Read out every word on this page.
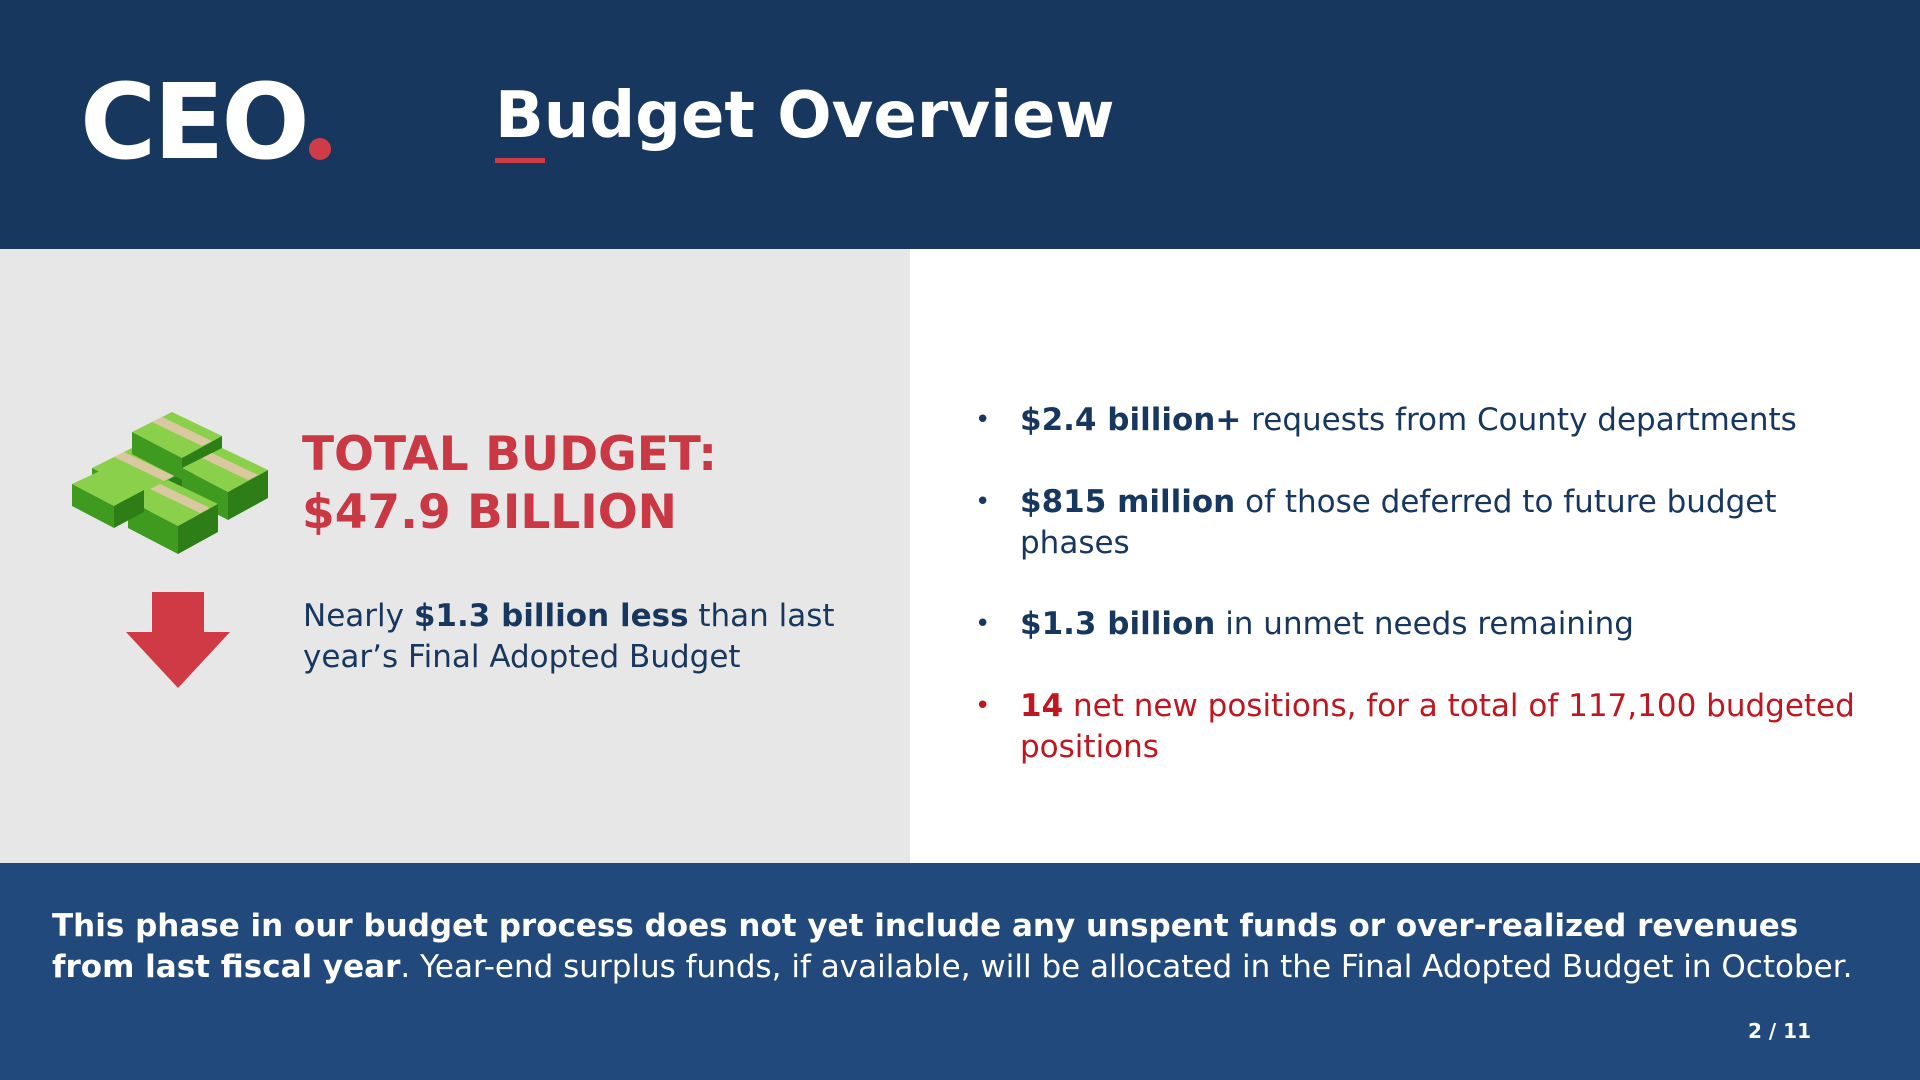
CEO	Budget Overview
TOTAL BUDGET:
$47.9 BILLION
Nearly $1.3 billion less than last year’s Final Adopted Budget
• $2.4 billion+ requests from County departments
• $815 million of those deferred to future budget phases
• $1.3 billion in unmet needs remaining
• 14 net new positions, for a total of 117,100 budgeted positions
This phase in our budget process does not yet include any unspent funds or over-realized revenues from last fiscal year. Year-end surplus funds, if available, will be allocated in the Final Adopted Budget in October.
2 / 11
